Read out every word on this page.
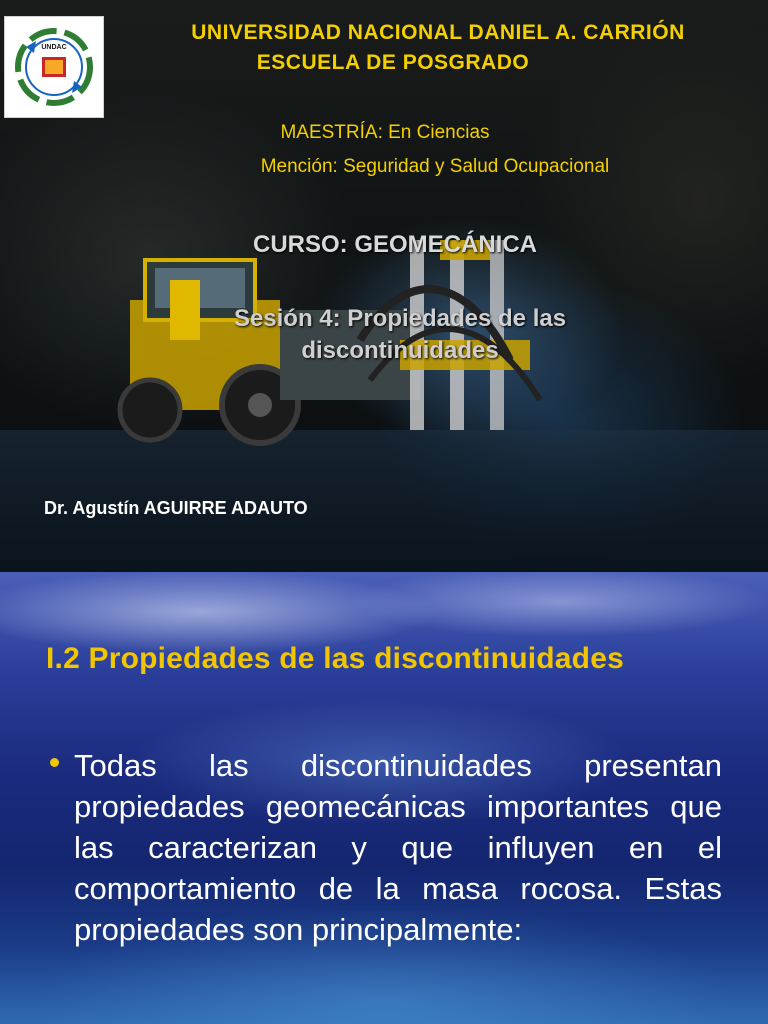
UNDAC
UNIVERSIDAD NACIONAL DANIEL A. CARRIÓN
ESCUELA DE POSGRADO
MAESTRÍA: En Ciencias
Mención: Seguridad y Salud Ocupacional
CURSO: GEOMECÁNICA
Sesión 4: Propiedades de las discontinuidades
Dr. Agustín AGUIRRE ADAUTO
I.2 Propiedades de las discontinuidades
Todas las discontinuidades presentan propiedades geomecánicas importantes que las caracterizan y que influyen en el comportamiento de la masa rocosa. Estas propiedades son principalmente:
